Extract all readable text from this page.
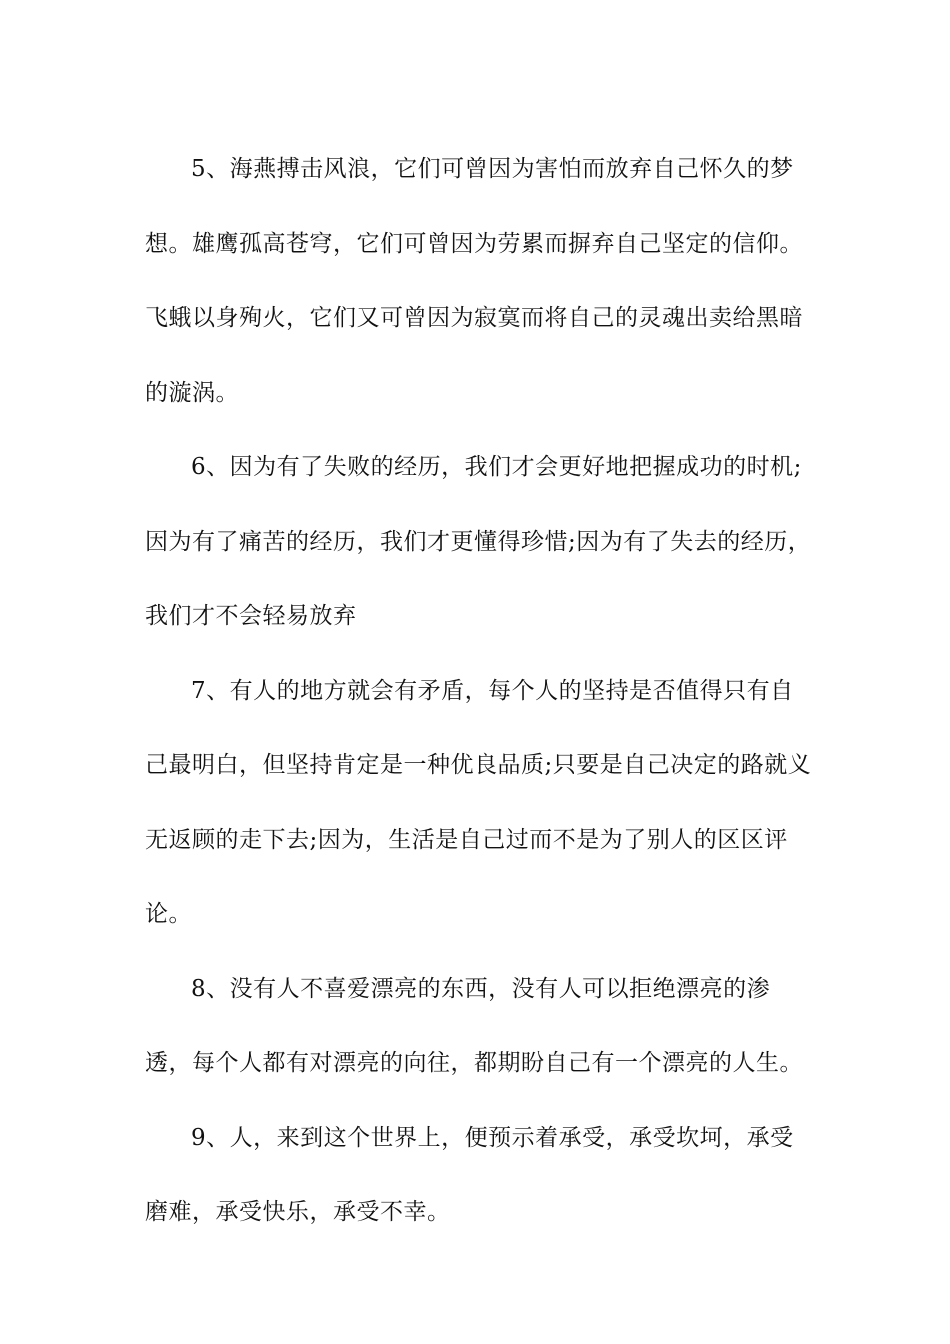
5、海燕搏击风浪，它们可曾因为害怕而放弃自己怀久的梦想。雄鹰孤高苍穹，它们可曾因为劳累而摒弃自己坚定的信仰。飞蛾以身殉火，它们又可曾因为寂寞而将自己的灵魂出卖给黑暗的漩涡。

6、因为有了失败的经历，我们才会更好地把握成功的时机;因为有了痛苦的经历，我们才更懂得珍惜;因为有了失去的经历，我们才不会轻易放弃

7、有人的地方就会有矛盾，每个人的坚持是否值得只有自己最明白，但坚持肯定是一种优良品质;只要是自己决定的路就义无返顾的走下去;因为，生活是自己过而不是为了别人的区区评论。

8、没有人不喜爱漂亮的东西，没有人可以拒绝漂亮的渗透，每个人都有对漂亮的向往，都期盼自己有一个漂亮的人生。

9、人，来到这个世界上，便预示着承受，承受坎坷，承受磨难，承受快乐，承受不幸。
